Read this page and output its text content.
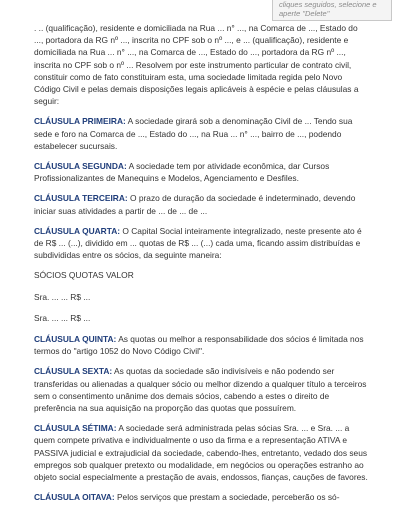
cliques seguidos, selecione e
aperte "Delete"

. .. (qualificação), residente e domiciliada na Rua ... n° ..., na Comarca de ..., Estado do ..., portadora da RG nº ..., inscrita no CPF sob o nº ..., e ... (qualificação), residente e domiciliada na Rua ... n° ..., na Comarca de ..., Estado do ..., portadora da RG nº ..., inscrita no CPF sob o nº ... Resolvem por este instrumento particular de contrato civil, constituir como de fato constituiram esta, uma sociedade limitada regida pelo Novo Código Civil e pelas demais disposições legais aplicáveis à espécie e pelas cláusulas a seguir:

CLÁUSULA PRIMEIRA: A sociedade girará sob a denominação Civil de ... Tendo sua sede e foro na Comarca de ..., Estado do ..., na Rua ... n° ..., bairro de ..., podendo estabelecer sucursais.

CLÁUSULA SEGUNDA: A sociedade tem por atividade econômica, dar Cursos Profissionalizantes de Manequins e Modelos, Agenciamento e Desfiles.

CLÁUSULA TERCEIRA: O prazo de duração da sociedade é indeterminado, devendo iniciar suas atividades a partir de ... de ... de ...

CLÁUSULA QUARTA: O Capital Social inteiramente integralizado, neste presente ato é de R$ ... (...), dividido em ... quotas de R$ ... (...) cada uma, ficando assim distribuídas e subdivididas entre os sócios, da seguinte maneira:

SÓCIOS QUOTAS VALOR

Sra. ... ... R$ ...

Sra. ... ... R$ ...

CLÁUSULA QUINTA: As quotas ou melhor a responsabilidade dos sócios é limitada nos termos do "artigo 1052 do Novo Código Civil".

CLÁUSULA SEXTA: As quotas da sociedade são indivisíveis e não podendo ser transferidas ou alienadas a qualquer sócio ou melhor dizendo a qualquer título a terceiros sem o consentimento unânime dos demais sócios, cabendo a estes o direito de preferência na sua aquisição na proporção das quotas que possuírem.

CLÁUSULA SÉTIMA: A sociedade será administrada pelas sócias Sra. ... e Sra. ... a quem compete privativa e individualmente o uso da firma e a representação ATIVA e PASSIVA judicial e extrajudicial da sociedade, cabendo-lhes, entretanto, vedado dos seus empregos sob qualquer pretexto ou modalidade, em negócios ou operações estranho ao objeto social especialmente a prestação de avais, endossos, fianças, cauções de favores.

CLÁUSULA OITAVA: Pelos serviços que prestam a sociedade, perceberão os só-
